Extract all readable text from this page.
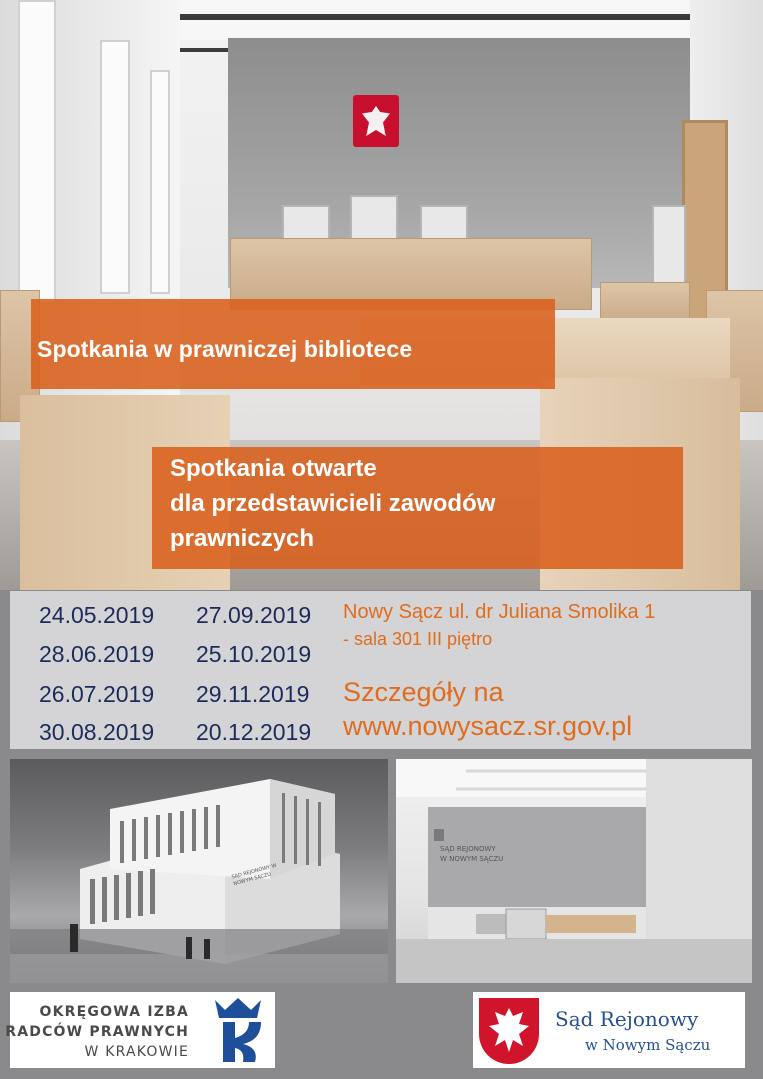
Spotkania w prawniczej bibliotece
Spotkania otwarte
dla przedstawicieli zawodów
prawniczych
24.05.2019
28.06.2019
26.07.2019
30.08.2019
27.09.2019
25.10.2019
29.11.2019
20.12.2019
Nowy Sącz ul. dr Juliana Smolika 1
- sala 301 III piętro
Szczegóły na
www.nowysacz.sr.gov.pl
SĄD REJONOWY
W NOWYM SĄCZU
SĄD REJONOWY W NOWYM SĄCZU
OKRĘGOWA IZBA
RADCÓW PRAWNYCH
W KRAKOWIE
Sąd Rejonowy
w Nowym Sączu
